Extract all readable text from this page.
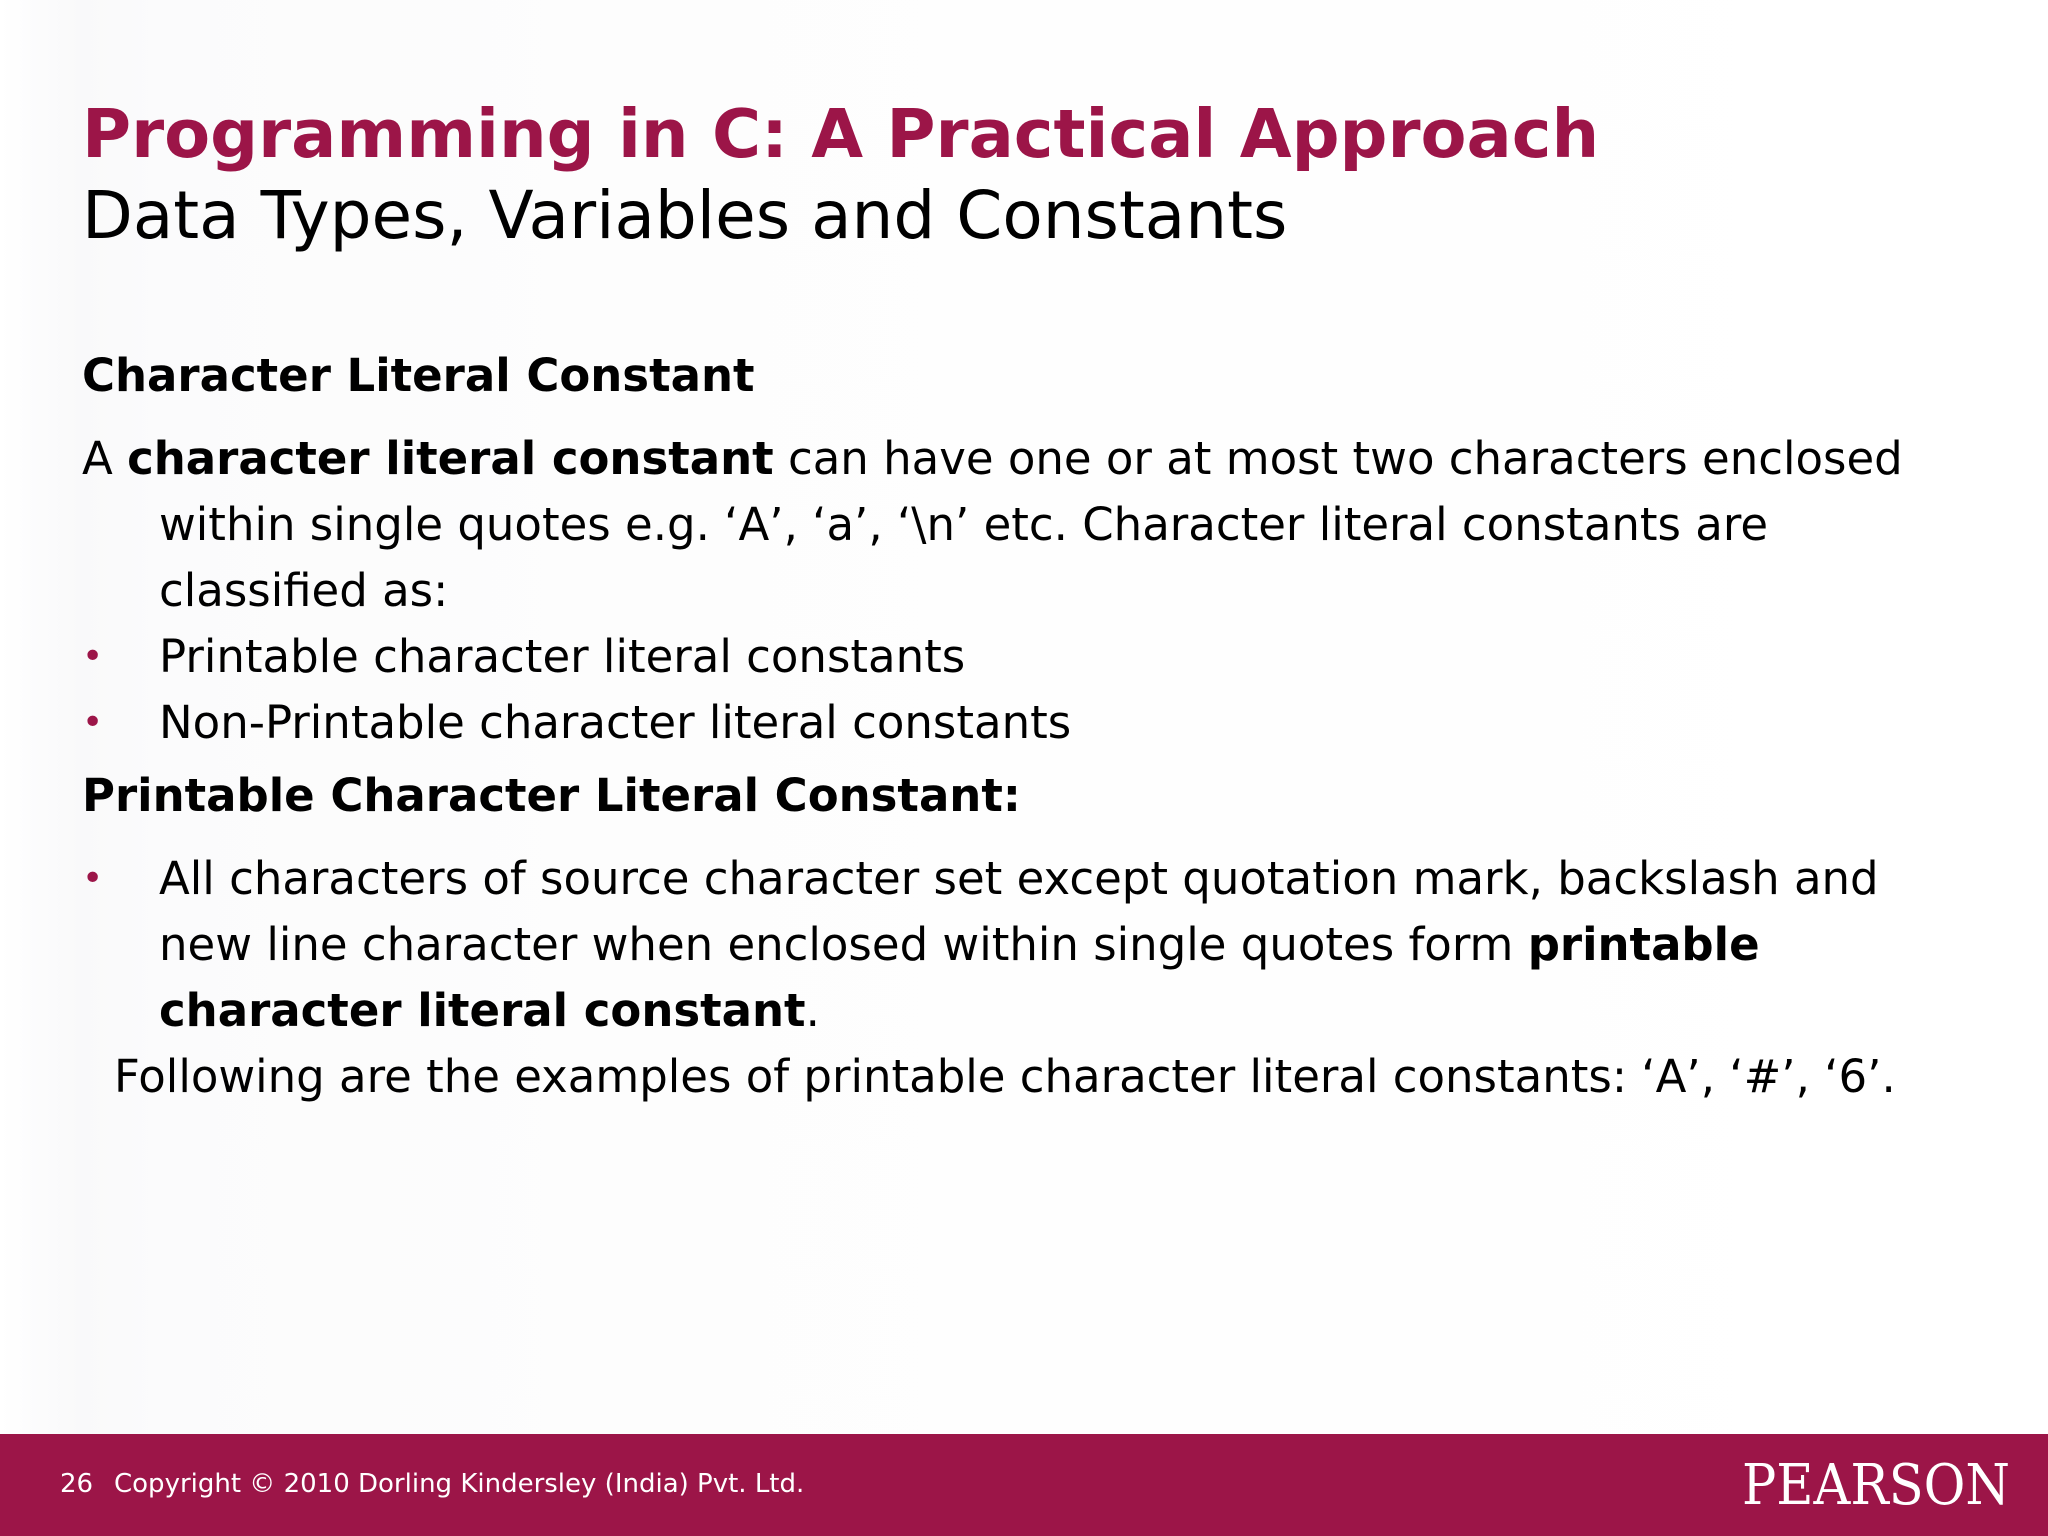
Programming in C: A Practical Approach
Data Types, Variables and Constants

Character Literal Constant

A character literal constant can have one or at most two characters enclosed within single quotes e.g. ‘A’, ‘a’, ‘\n’ etc. Character literal constants are classified as:

• Printable character literal constants
• Non-Printable character literal constants

Printable Character Literal Constant:

• All characters of source character set except quotation mark, backslash and new line character when enclosed within single quotes form printable character literal constant.

Following are the examples of printable character literal constants: ‘A’, ‘#’, ‘6’.

26 Copyright © 2010 Dorling Kindersley (India) Pvt. Ltd.	PEARSON
